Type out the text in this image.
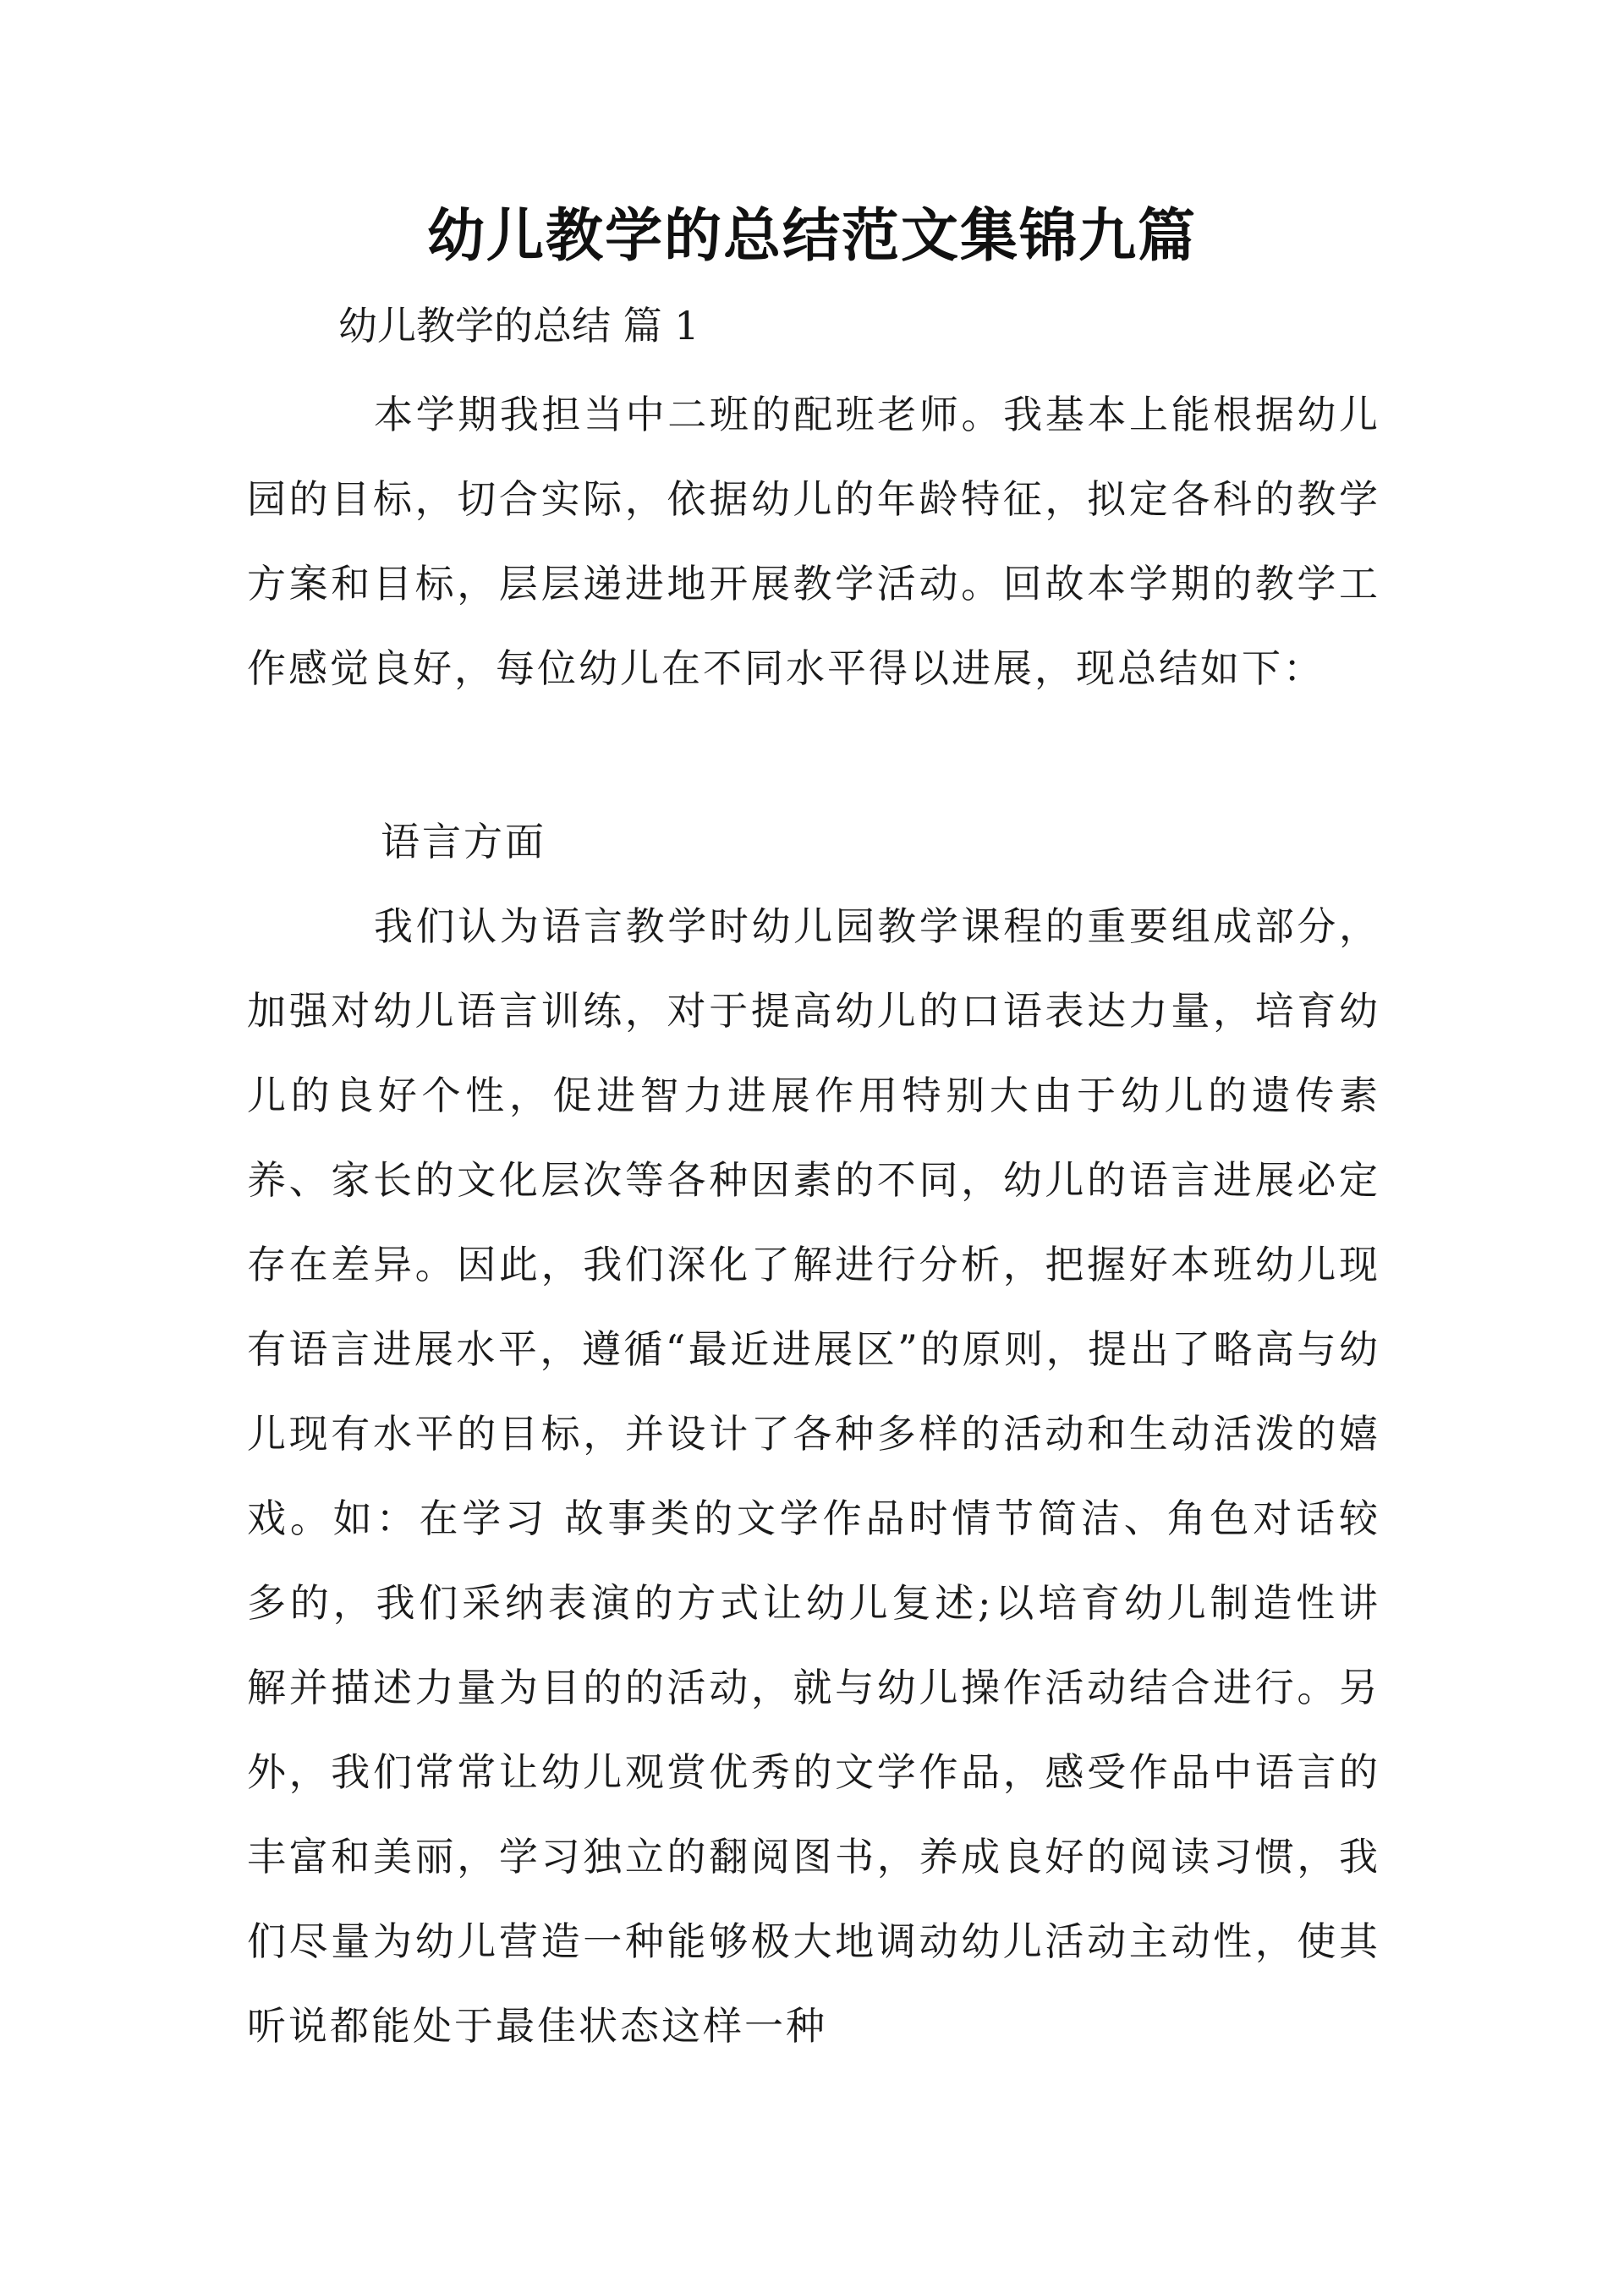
幼儿教学的总结范文集锦九篇
幼儿教学的总结 篇 1

本学期我担当中二班的配班老师。我基本上能根据幼儿园的目标，切合实际，依据幼儿的年龄特征，拟定各科的教学方案和目标，层层递进地开展教学活动。回故本学期的教学工作感觉良好，每位幼儿在不同水平得以进展，现总结如下：

语言方面

我们认为语言教学时幼儿园教学课程的重要组成部分，加强对幼儿语言训练，对于提高幼儿的口语表达力量，培育幼儿的良好个性，促进智力进展作用特别大由于幼儿的遗传素养、家长的文化层次等各种因素的不同，幼儿的语言进展必定存在差异。因此，我们深化了解进行分析，把握好本班幼儿现有语言进展水平，遵循“最近进展区”的原则，提出了略高与幼儿现有水平的目标，并设计了各种多样的活动和生动活泼的嬉戏。如：在学习 故事类的文学作品时情节简洁、角色对话较多的，我们采纳表演的方式让幼儿复述;以培育幼儿制造性讲解并描述力量为目的的活动，就与幼儿操作活动结合进行。另外，我们常常让幼儿观赏优秀的文学作品，感受作品中语言的丰富和美丽，学习独立的翻阅图书，养成良好的阅读习惯，我们尽量为幼儿营造一种能够极大地调动幼儿活动主动性，使其听说都能处于最佳状态这样一种
